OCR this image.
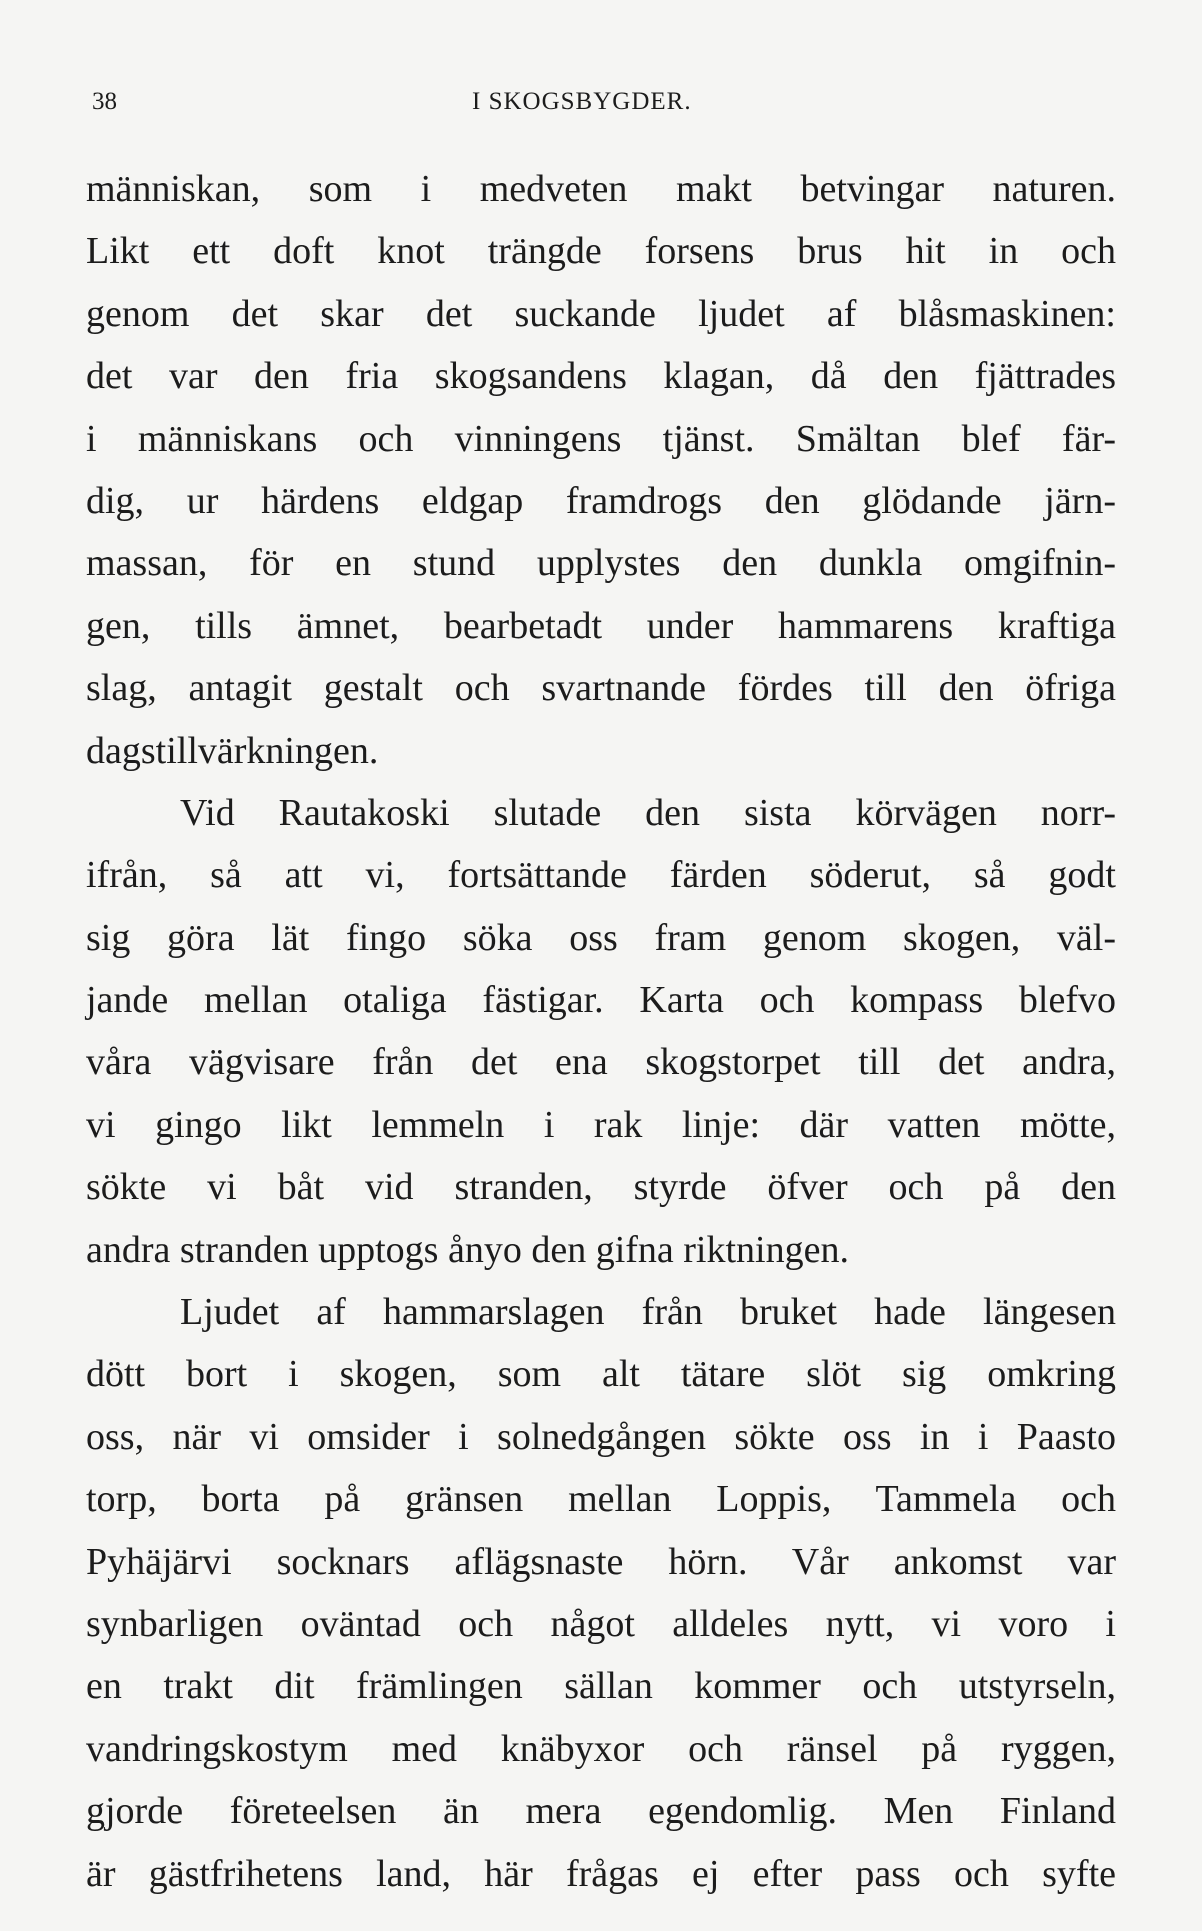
38	I SKOGSBYGDER.
människan, som i medveten makt betvingar naturen.
Likt ett doft knot trängde forsens brus hit in och
genom det skar det suckande ljudet af blåsmaskinen:
det var den fria skogsandens klagan, då den fjättrades
i människans och vinningens tjänst. Smältan blef fär-
dig, ur härdens eldgap framdrogs den glödande järn-
massan, för en stund upplystes den dunkla omgifnin-
gen, tills ämnet, bearbetadt under hammarens kraftiga
slag, antagit gestalt och svartnande fördes till den öfriga
dagstillvärkningen.
Vid Rautakoski slutade den sista körvägen norr-
ifrån, så att vi, fortsättande färden söderut, så godt
sig göra lät fingo söka oss fram genom skogen, väl-
jande mellan otaliga fästigar. Karta och kompass blefvo
våra vägvisare från det ena skogstorpet till det andra,
vi gingo likt lemmeln i rak linje: där vatten mötte,
sökte vi båt vid stranden, styrde öfver och på den
andra stranden upptogs ånyo den gifna riktningen.
Ljudet af hammarslagen från bruket hade längesen
dött bort i skogen, som alt tätare slöt sig omkring
oss, när vi omsider i solnedgången sökte oss in i Paasto
torp, borta på gränsen mellan Loppis, Tammela och
Pyhäjärvi socknars aflägsnaste hörn. Vår ankomst var
synbarligen oväntad och något alldeles nytt, vi voro i
en trakt dit främlingen sällan kommer och utstyrseln,
vandringskostym med knäbyxor och ränsel på ryggen,
gjorde företeelsen än mera egendomlig. Men Finland
är gästfrihetens land, här frågas ej efter pass och syfte
